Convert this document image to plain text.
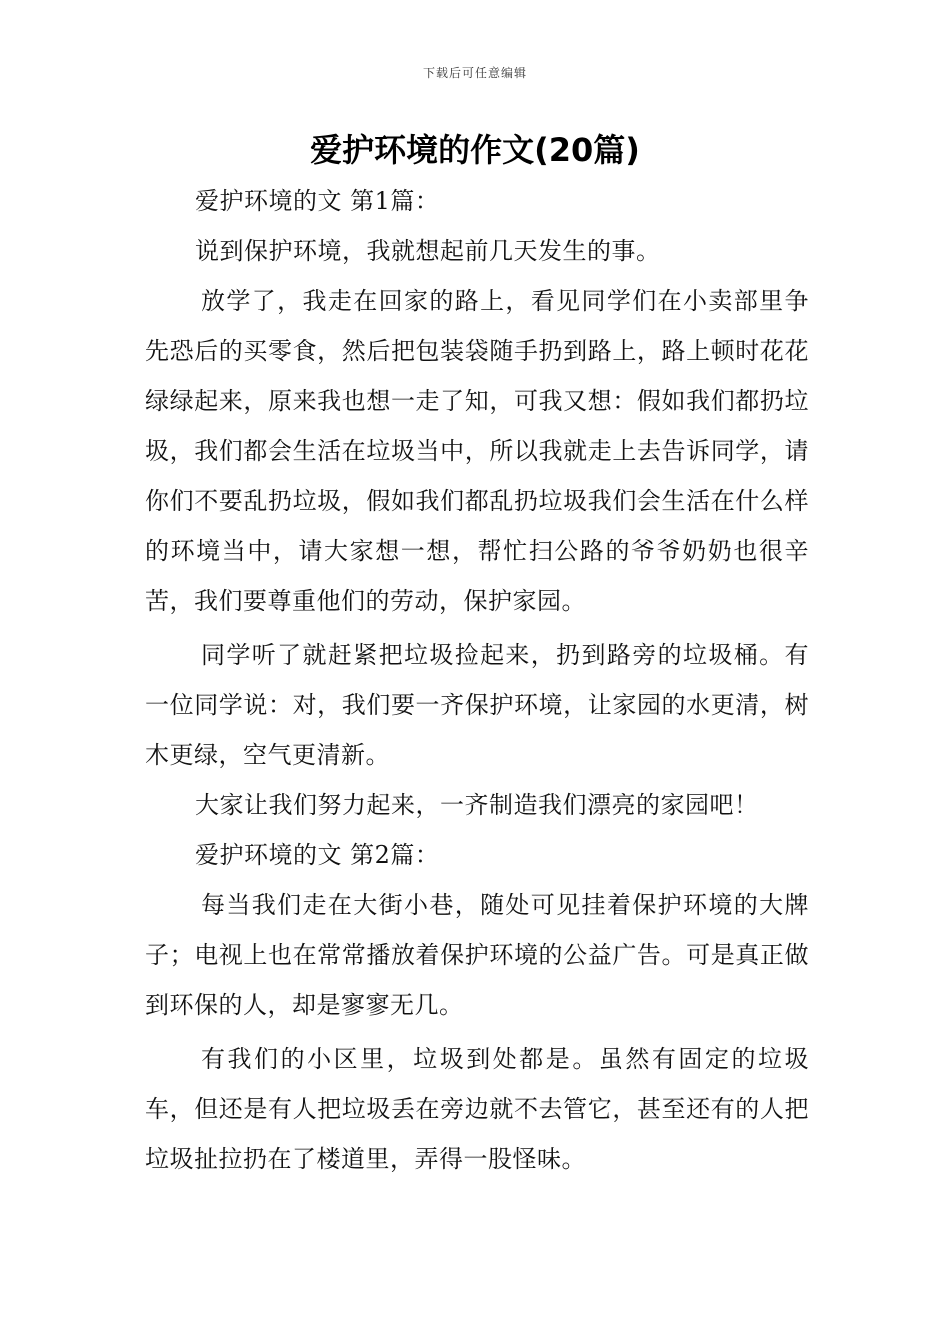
下载后可任意编辑
爱护环境的作文(20篇)

爱护环境的文 第1篇：

说到保护环境，我就想起前几天发生的事。

放学了，我走在回家的路上，看见同学们在小卖部里争先恐后的买零食，然后把包装袋随手扔到路上，路上顿时花花绿绿起来，原来我也想一走了知，可我又想：假如我们都扔垃圾，我们都会生活在垃圾当中，所以我就走上去告诉同学，请你们不要乱扔垃圾，假如我们都乱扔垃圾我们会生活在什么样的环境当中，请大家想一想，帮忙扫公路的爷爷奶奶也很辛苦，我们要尊重他们的劳动，保护家园。

同学听了就赶紧把垃圾捡起来，扔到路旁的垃圾桶。有一位同学说：对，我们要一齐保护环境，让家园的水更清，树木更绿，空气更清新。

大家让我们努力起来，一齐制造我们漂亮的家园吧！

爱护环境的文 第2篇：

每当我们走在大街小巷，随处可见挂着保护环境的大牌子；电视上也在常常播放着保护环境的公益广告。可是真正做到环保的人，却是寥寥无几。

有我们的小区里，垃圾到处都是。虽然有固定的垃圾车，但还是有人把垃圾丢在旁边就不去管它，甚至还有的人把垃圾扯拉扔在了楼道里，弄得一股怪味。
